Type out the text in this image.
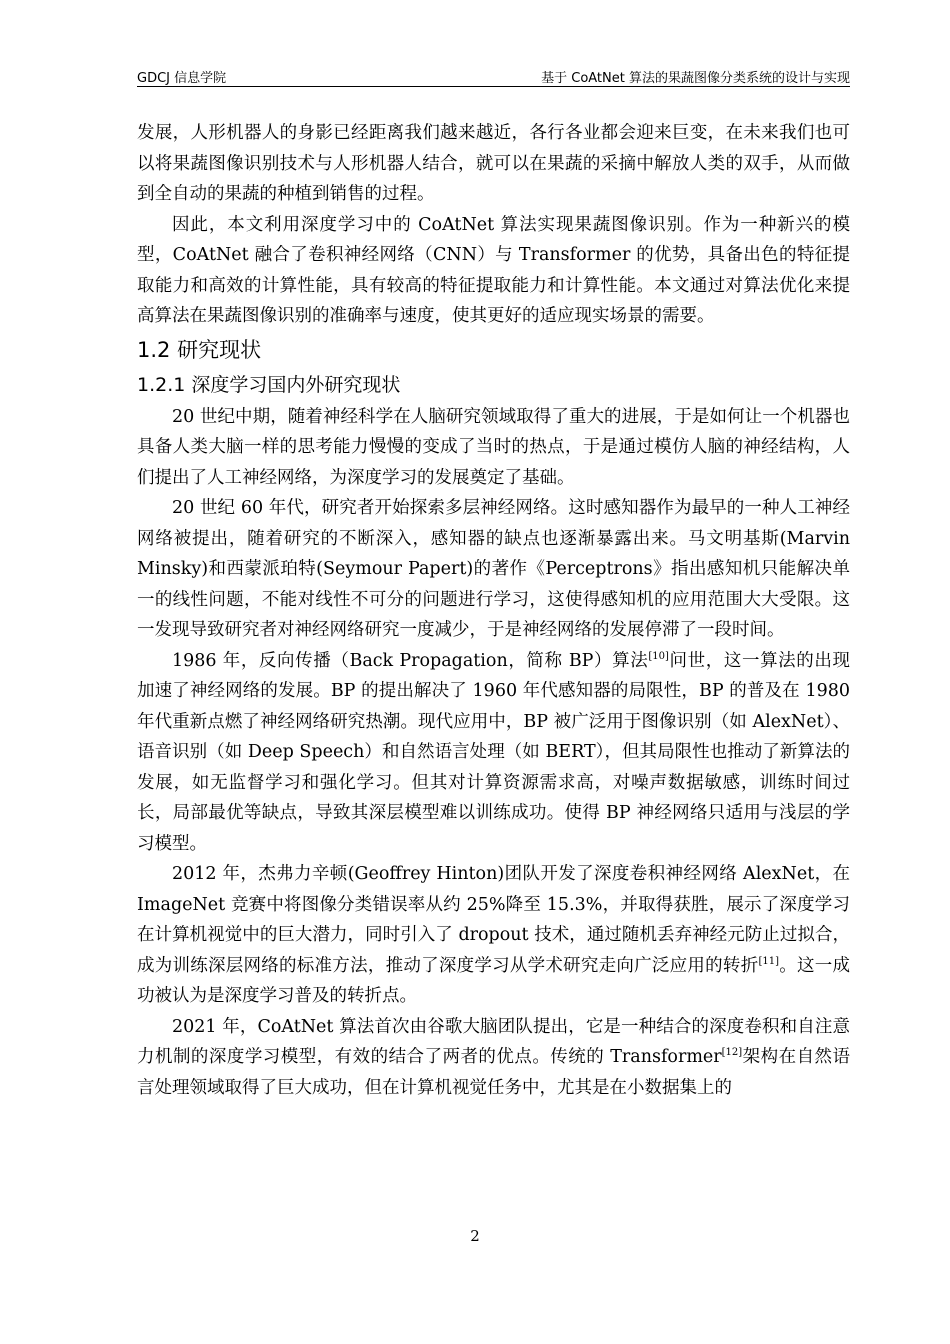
GDCJ 信息学院	基于 CoAtNet 算法的果蔬图像分类系统的设计与实现

发展，人形机器人的身影已经距离我们越来越近，各行各业都会迎来巨变，在未来我们也可以将果蔬图像识别技术与人形机器人结合，就可以在果蔬的采摘中解放人类的双手，从而做到全自动的果蔬的种植到销售的过程。

因此，本文利用深度学习中的 CoAtNet 算法实现果蔬图像识别。作为一种新兴的模型，CoAtNet 融合了卷积神经网络（CNN）与 Transformer 的优势，具备出色的特征提取能力和高效的计算性能，具有较高的特征提取能力和计算性能。本文通过对算法优化来提高算法在果蔬图像识别的准确率与速度，使其更好的适应现实场景的需要。

1.2 研究现状

1.2.1 深度学习国内外研究现状

20 世纪中期，随着神经科学在人脑研究领域取得了重大的进展，于是如何让一个机器也具备人类大脑一样的思考能力慢慢的变成了当时的热点，于是通过模仿人脑的神经结构，人们提出了人工神经网络，为深度学习的发展奠定了基础。

20 世纪 60 年代，研究者开始探索多层神经网络。这时感知器作为最早的一种人工神经网络被提出，随着研究的不断深入，感知器的缺点也逐渐暴露出来。马文明基斯(Marvin Minsky)和西蒙派珀特(Seymour Papert)的著作《Perceptrons》指出感知机只能解决单一的线性问题，不能对线性不可分的问题进行学习，这使得感知机的应用范围大大受限。这一发现导致研究者对神经网络研究一度减少，于是神经网络的发展停滞了一段时间。

1986 年，反向传播（Back Propagation，简称 BP）算法[10]问世，这一算法的出现加速了神经网络的发展。BP 的提出解决了 1960 年代感知器的局限性，BP 的普及在 1980 年代重新点燃了神经网络研究热潮。现代应用中，BP 被广泛用于图像识别（如 AlexNet）、语音识别（如 Deep Speech）和自然语言处理（如 BERT），但其局限性也推动了新算法的发展，如无监督学习和强化学习。但其对计算资源需求高，对噪声数据敏感，训练时间过长，局部最优等缺点，导致其深层模型难以训练成功。使得 BP 神经网络只适用与浅层的学习模型。

2012 年，杰弗力辛顿(Geoffrey Hinton)团队开发了深度卷积神经网络 AlexNet，在 ImageNet 竞赛中将图像分类错误率从约 25%降至 15.3%，并取得获胜，展示了深度学习在计算机视觉中的巨大潜力，同时引入了 dropout 技术，通过随机丢弃神经元防止过拟合，成为训练深层网络的标准方法，推动了深度学习从学术研究走向广泛应用的转折[11]。这一成功被认为是深度学习普及的转折点。

2021 年，CoAtNet 算法首次由谷歌大脑团队提出，它是一种结合的深度卷积和自注意力机制的深度学习模型，有效的结合了两者的优点。传统的 Transformer[12]架构在自然语言处理领域取得了巨大成功，但在计算机视觉任务中，尤其是在小数据集上的

2
